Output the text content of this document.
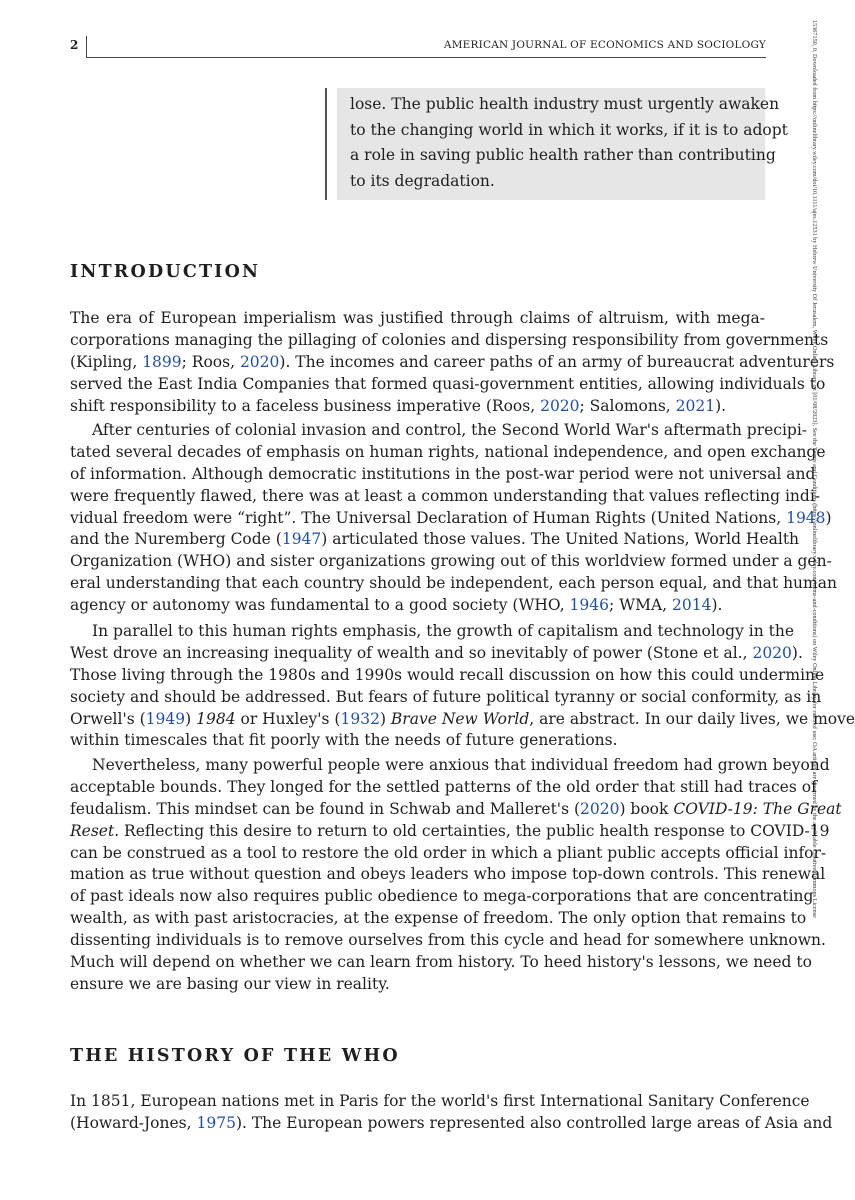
2	AMERICAN JOURNAL OF ECONOMICS AND SOCIOLOGY	15367150, 0, Downloaded from https://onlinelibrary.wiley.com/doi/10.1111/ajes.12531 by Hebrew University Of Jerusalem, Wiley Online Library on [01/08/2023]. See the Terms and Conditions (https://onlinelibrary.wiley.com/terms-and-conditions) on Wiley Online Library for rules of use; OA articles are governed by the applicable Creative Commons License
lose. The public health industry must urgently awaken
to the changing world in which it works, if it is to adopt
a role in saving public health rather than contributing
to its degradation.
INTRODUCTION
The era of European imperialism was justified through claims of altruism, with mega-
corporations managing the pillaging of colonies and dispersing responsibility from governments
(Kipling, 1899; Roos, 2020). The incomes and career paths of an army of bureaucrat adventurers
served the East India Companies that formed quasi-government entities, allowing individuals to
shift responsibility to a faceless business imperative (Roos, 2020; Salomons, 2021).
After centuries of colonial invasion and control, the Second World War's aftermath precipi-
tated several decades of emphasis on human rights, national independence, and open exchange
of information. Although democratic institutions in the post-war period were not universal and
were frequently flawed, there was at least a common understanding that values reflecting indi-
vidual freedom were “right”. The Universal Declaration of Human Rights (United Nations, 1948)
and the Nuremberg Code (1947) articulated those values. The United Nations, World Health
Organization (WHO) and sister organizations growing out of this worldview formed under a gen-
eral understanding that each country should be independent, each person equal, and that human
agency or autonomy was fundamental to a good society (WHO, 1946; WMA, 2014).
In parallel to this human rights emphasis, the growth of capitalism and technology in the
West drove an increasing inequality of wealth and so inevitably of power (Stone et al., 2020).
Those living through the 1980s and 1990s would recall discussion on how this could undermine
society and should be addressed. But fears of future political tyranny or social conformity, as in
Orwell's (1949) 1984 or Huxley's (1932) Brave New World, are abstract. In our daily lives, we move
within timescales that fit poorly with the needs of future generations.
Nevertheless, many powerful people were anxious that individual freedom had grown beyond
acceptable bounds. They longed for the settled patterns of the old order that still had traces of
feudalism. This mindset can be found in Schwab and Malleret's (2020) book COVID-19: The Great
Reset. Reflecting this desire to return to old certainties, the public health response to COVID-19
can be construed as a tool to restore the old order in which a pliant public accepts official infor-
mation as true without question and obeys leaders who impose top-down controls. This renewal
of past ideals now also requires public obedience to mega-corporations that are concentrating
wealth, as with past aristocracies, at the expense of freedom. The only option that remains to
dissenting individuals is to remove ourselves from this cycle and head for somewhere unknown.
Much will depend on whether we can learn from history. To heed history's lessons, we need to
ensure we are basing our view in reality.
THE HISTORY OF THE WHO
In 1851, European nations met in Paris for the world's first International Sanitary Conference
(Howard-Jones, 1975). The European powers represented also controlled large areas of Asia and
